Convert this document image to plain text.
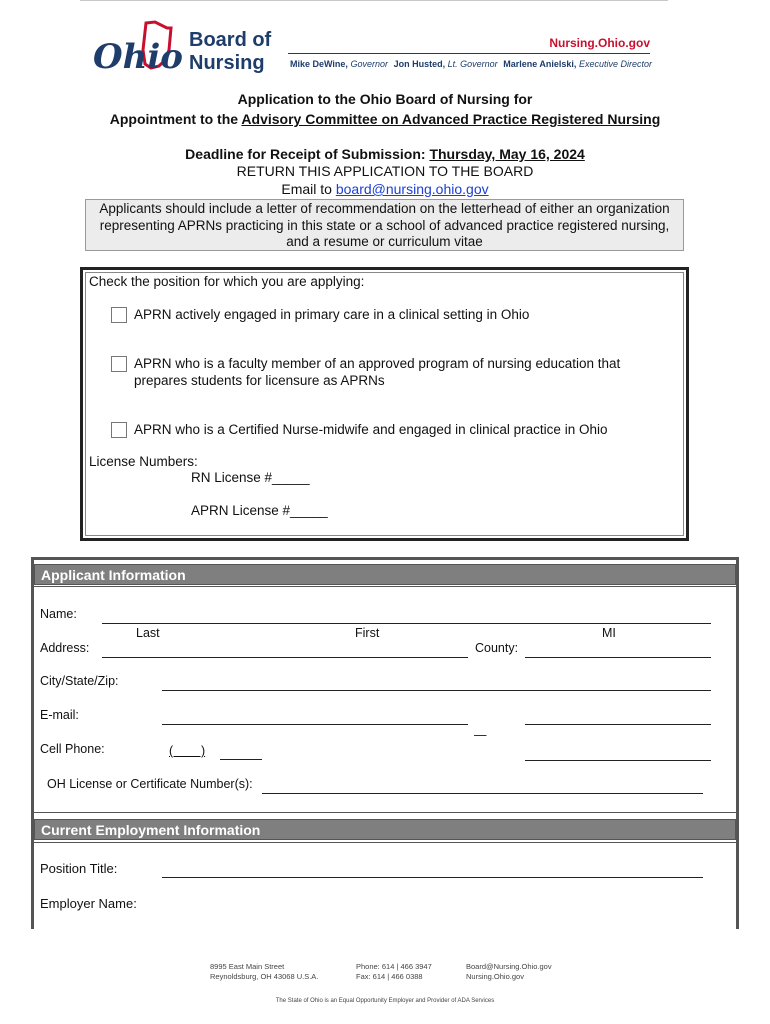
Ohio Board of
Nursing
Nursing.Ohio.gov
Mike DeWine, Governor Jon Husted, Lt. Governor Marlene Anielski, Executive Director
Application to the Ohio Board of Nursing for
Appointment to the Advisory Committee on Advanced Practice Registered Nursing
Deadline for Receipt of Submission: Thursday, May 16, 2024
RETURN THIS APPLICATION TO THE BOARD
Email to board@nursing.ohio.gov
Applicants should include a letter of recommendation on the letterhead of either an organization
representing APRNs practicing in this state or a school of advanced practice registered nursing,
and a resume or curriculum vitae
Check the position for which you are applying:
APRN actively engaged in primary care in a clinical setting in Ohio
APRN who is a faculty member of an approved program of nursing education that
prepares students for licensure as APRNs
APRN who is a Certified Nurse-midwife and engaged in clinical practice in Ohio
License Numbers:
RN License #_____
APRN License #_____
Applicant Information
Name:
Last	First	MI
Address:	County:
City/State/Zip:
E-mail:
Cell Phone:	(        )
—
OH License or Certificate Number(s):
Current Employment Information
Position Title:
Employer Name:
8995 East Main Street
Reynoldsburg, OH 43068 U.S.A.
Phone: 614 | 466 3947
Fax: 614 | 466 0388
Board@Nursing.Ohio.gov
Nursing.Ohio.gov
The State of Ohio is an Equal Opportunity Employer and Provider of ADA Services
